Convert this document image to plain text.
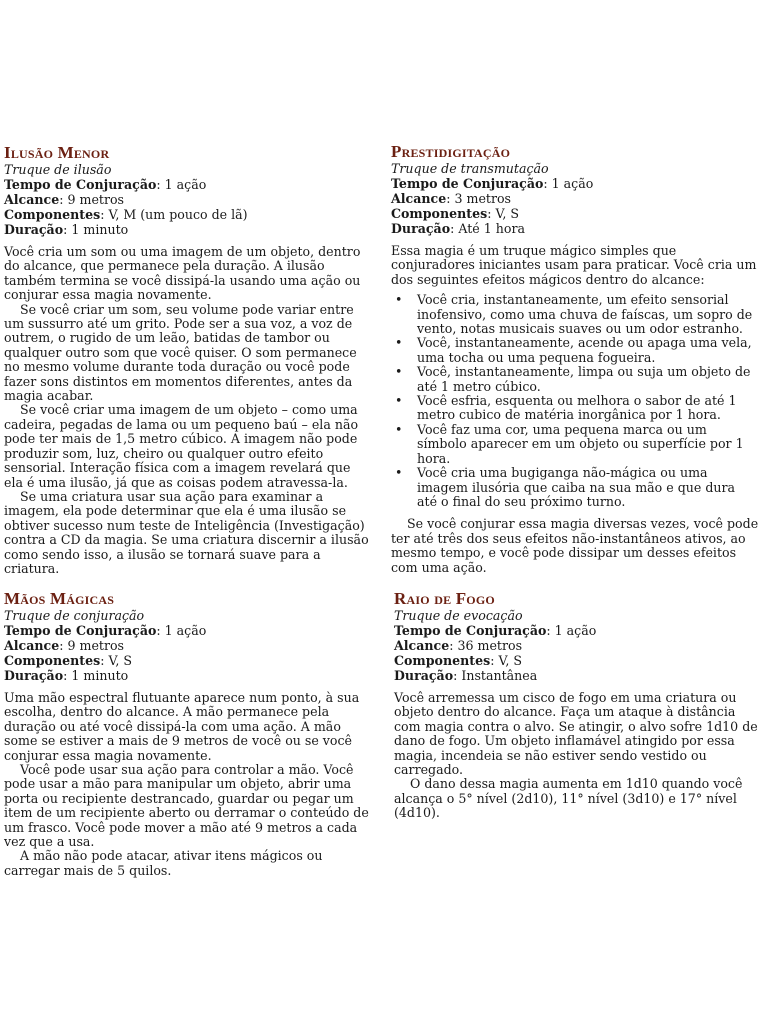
Ilusão Menor

Truque de ilusão

Tempo de Conjuração: 1 ação

Alcance: 9 metros

Componentes: V, M (um pouco de lã)

Duração: 1 minuto

Você cria um som ou uma imagem de um objeto, dentro do alcance, que permanece pela duração. A ilusão também termina se você dissipá-la usando uma ação ou conjurar essa magia novamente.

Se você criar um som, seu volume pode variar entre um sussurro até um grito. Pode ser a sua voz, a voz de outrem, o rugido de um leão, batidas de tambor ou qualquer outro som que você quiser. O som permanece no mesmo volume durante toda duração ou você pode fazer sons distintos em momentos diferentes, antes da magia acabar.

Se você criar uma imagem de um objeto – como uma cadeira, pegadas de lama ou um pequeno baú – ela não pode ter mais de 1,5 metro cúbico. A imagem não pode produzir som, luz, cheiro ou qualquer outro efeito sensorial. Interação física com a imagem revelará que ela é uma ilusão, já que as coisas podem atravessa-la.

Se uma criatura usar sua ação para examinar a imagem, ela pode determinar que ela é uma ilusão se obtiver sucesso num teste de Inteligência (Investigação) contra a CD da magia. Se uma criatura discernir a ilusão como sendo isso, a ilusão se tornará suave para a criatura.

Prestidigitação

Truque de transmutação

Tempo de Conjuração: 1 ação

Alcance: 3 metros

Componentes: V, S

Duração: Até 1 hora

Essa magia é um truque mágico simples que conjuradores iniciantes usam para praticar. Você cria um dos seguintes efeitos mágicos dentro do alcance:

• Você cria, instantaneamente, um efeito sensorial inofensivo, como uma chuva de faíscas, um sopro de vento, notas musicais suaves ou um odor estranho.
• Você, instantaneamente, acende ou apaga uma vela, uma tocha ou uma pequena fogueira.
• Você, instantaneamente, limpa ou suja um objeto de até 1 metro cúbico.
• Você esfria, esquenta ou melhora o sabor de até 1 metro cubico de matéria inorgânica por 1 hora.
• Você faz uma cor, uma pequena marca ou um símbolo aparecer em um objeto ou superfície por 1 hora.
• Você cria uma bugiganga não-mágica ou uma imagem ilusória que caiba na sua mão e que dura até o final do seu próximo turno.

Se você conjurar essa magia diversas vezes, você pode ter até três dos seus efeitos não-instantâneos ativos, ao mesmo tempo, e você pode dissipar um desses efeitos com uma ação.

Mãos Mágicas

Truque de conjuração

Tempo de Conjuração: 1 ação

Alcance: 9 metros

Componentes: V, S

Duração: 1 minuto

Uma mão espectral flutuante aparece num ponto, à sua escolha, dentro do alcance. A mão permanece pela duração ou até você dissipá-la com uma ação. A mão some se estiver a mais de 9 metros de você ou se você conjurar essa magia novamente.

Você pode usar sua ação para controlar a mão. Você pode usar a mão para manipular um objeto, abrir uma porta ou recipiente destrancado, guardar ou pegar um item de um recipiente aberto ou derramar o conteúdo de um frasco. Você pode mover a mão até 9 metros a cada vez que a usa.

A mão não pode atacar, ativar itens mágicos ou carregar mais de 5 quilos.

Raio de Fogo

Truque de evocação

Tempo de Conjuração: 1 ação

Alcance: 36 metros

Componentes: V, S

Duração: Instantânea

Você arremessa um cisco de fogo em uma criatura ou objeto dentro do alcance. Faça um ataque à distância com magia contra o alvo. Se atingir, o alvo sofre 1d10 de dano de fogo. Um objeto inflamável atingido por essa magia, incendeia se não estiver sendo vestido ou carregado.

O dano dessa magia aumenta em 1d10 quando você alcança o 5° nível (2d10), 11° nível (3d10) e 17° nível (4d10).
